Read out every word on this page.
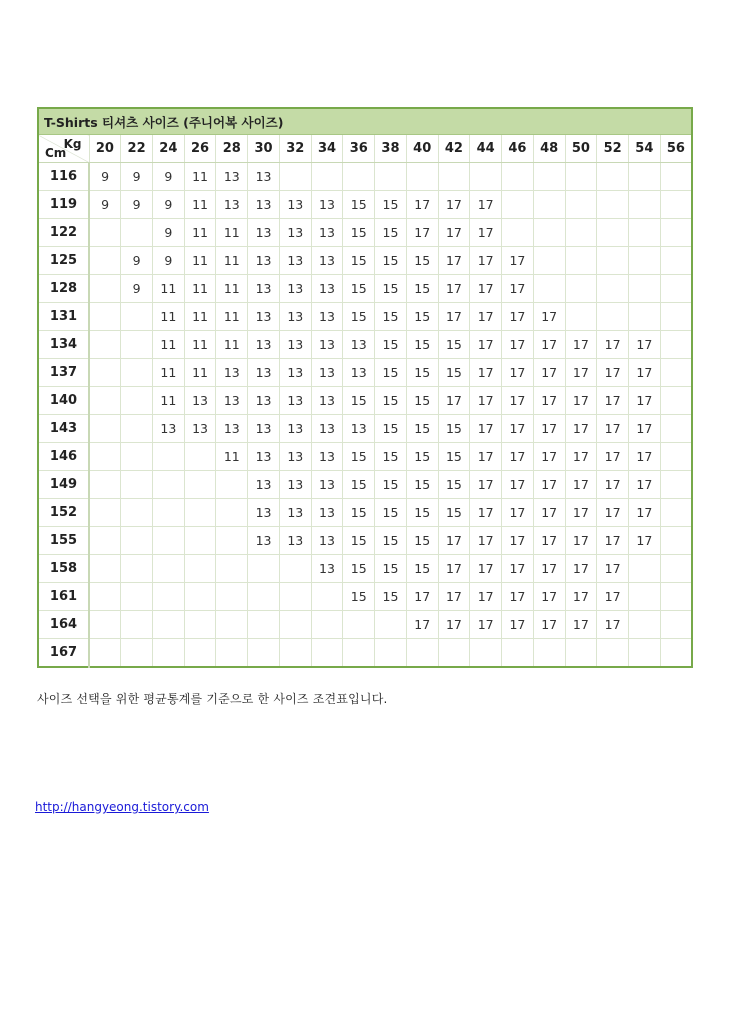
T-Shirts 티셔츠 사이즈 (주니어복 사이즈)																			

Kg
Cm	20	22	24	26	28	30	32	34	36	38	40	42	44	46	48	50	52	54	56
116	9	9	9	11	13	13													
119	9	9	9	11	13	13	13	13	15	15	17	17	17						
122			9	11	11	13	13	13	15	15	17	17	17						
125		9	9	11	11	13	13	13	15	15	15	17	17	17					
128		9	11	11	11	13	13	13	15	15	15	17	17	17					
131			11	11	11	13	13	13	15	15	15	17	17	17	17				
134			11	11	11	13	13	13	13	15	15	15	17	17	17	17	17	17	
137			11	11	13	13	13	13	13	15	15	15	17	17	17	17	17	17	
140			11	13	13	13	13	13	15	15	15	17	17	17	17	17	17	17	
143			13	13	13	13	13	13	13	15	15	15	17	17	17	17	17	17	
146					11	13	13	13	15	15	15	15	17	17	17	17	17	17	
149						13	13	13	15	15	15	15	17	17	17	17	17	17	
152						13	13	13	15	15	15	15	17	17	17	17	17	17	
155						13	13	13	15	15	15	17	17	17	17	17	17	17	
158								13	15	15	15	17	17	17	17	17	17		
161									15	15	17	17	17	17	17	17	17		
164											17	17	17	17	17	17	17		
167																			
사이즈 선택을 위한 평균통계를 기준으로 한 사이즈 조견표입니다.
http://hangyeong.tistory.com
